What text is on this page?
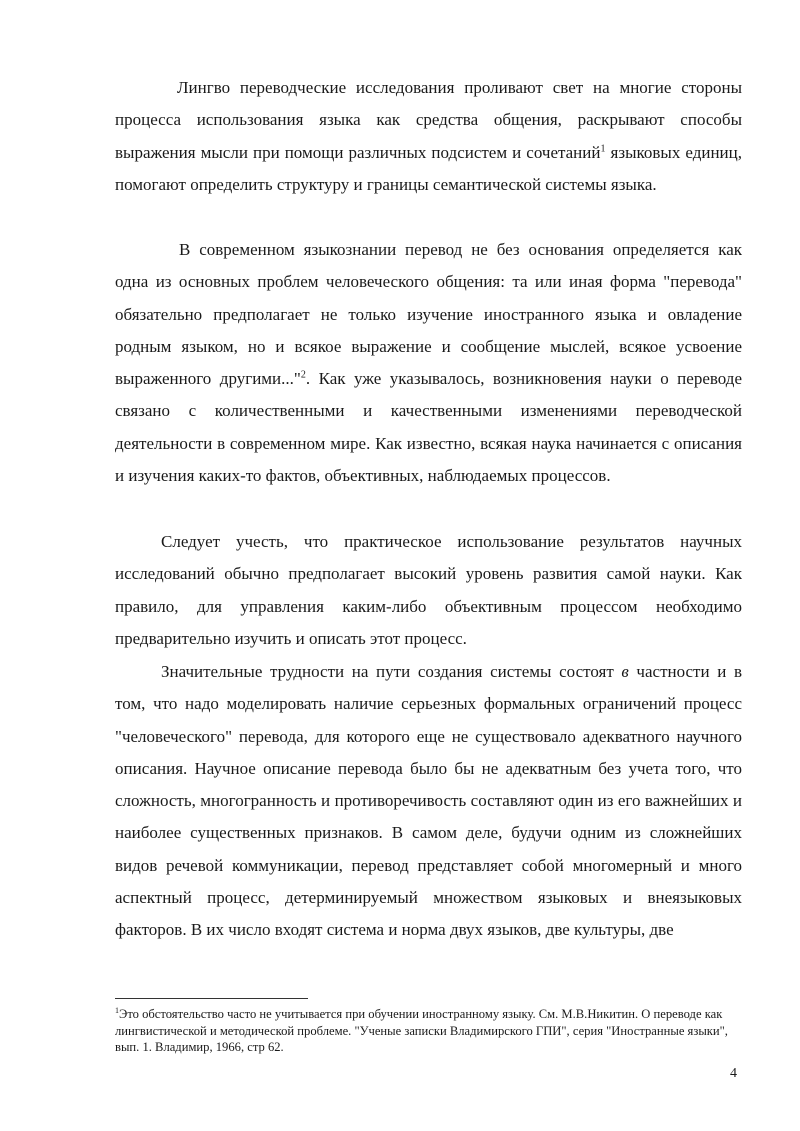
Лингво переводческие исследования проливают свет на многие стороны процесса использования языка как средства общения, раскрывают способы выражения мысли при помощи различных подсистем и сочетаний$^1$ языковых единиц, помогают определить структуру и границы семантической системы языка.

В современном языкознании перевод не без основания определяется как одна из основных проблем человеческого общения: та или иная форма "перевода" обязательно предполагает не только изучение иностранного языка и овладение родным языком, но и всякое выражение и сообщение мыслей, всякое усвоение выраженного другими..."$^2$. Как уже указывалось, возникновения науки о переводе связано с количественными и качественными изменениями переводческой деятельности в современном мире. Как известно, всякая наука начинается с описания и изучения каких-то фактов, объективных, наблюдаемых процессов.

Следует учесть, что практическое использование результатов научных исследований обычно предполагает высокий уровень развития самой науки. Как правило, для управления каким-либо объективным процессом необходимо предварительно изучить и описать этот процесс.

Значительные трудности на пути создания системы состоят в частности и в том, что надо моделировать наличие серьезных формальных ограничений процесс "человеческого" перевода, для которого еще не существовало адекватного научного описания. Научное описание перевода было бы не адекватным без учета того, что сложность, многогранность и противоречивость составляют один из его важнейших и наиболее существенных признаков. В самом деле, будучи одним из сложнейших видов речевой коммуникации, перевод представляет собой многомерный и много аспектный процесс, детерминируемый множеством языковых и внеязыковых факторов. В их число входят система и норма двух языков, две культуры, две

$^1$Это обстоятельство часто не учитывается при обучении иностранному языку. См. М.В.Никитин. О переводе как лингвистической и методической проблеме. "Ученые записки Владимирского ГПИ", серия "Иностранные языки", вып. 1. Владимир, 1966, стр 62.

4
